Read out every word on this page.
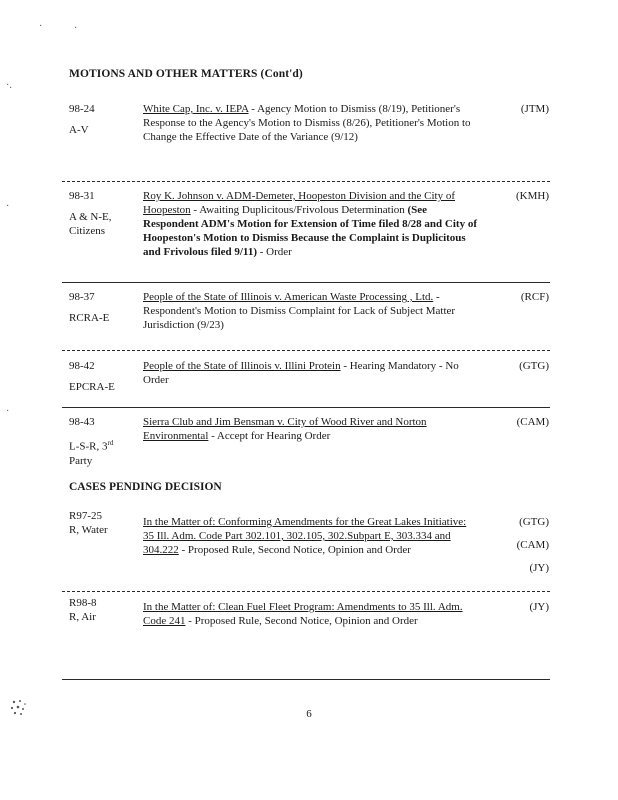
·	·
·.
·
·
MOTIONS AND OTHER MATTERS (Cont'd)
98-24
A-V
White Cap, Inc. v. IEPA - Agency Motion to Dismiss (8/19), Petitioner's Response to the Agency's Motion to Dismiss (8/26), Petitioner's Motion to Change the Effective Date of the Variance (9/12)
(JTM)
98-31
A & N-E, Citizens
Roy K. Johnson v. ADM-Demeter, Hoopeston Division and the City of Hoopeston - Awaiting Duplicitous/Frivolous Determination (See Respondent ADM's Motion for Extension of Time filed 8/28 and City of Hoopeston's Motion to Dismiss Because the Complaint is Duplicitous and Frivolous filed 9/11) - Order
(KMH)
98-37
RCRA-E
People of the State of Illinois v. American Waste Processing , Ltd. - Respondent's Motion to Dismiss Complaint for Lack of Subject Matter Jurisdiction (9/23)
(RCF)
98-42
EPCRA-E
People of the State of Illinois v. Illini Protein - Hearing Mandatory - No Order
(GTG)
98-43
L-S-R, 3rd Party
Sierra Club and Jim Bensman v. City of Wood River and Norton Environmental - Accept for Hearing Order
(CAM)
CASES PENDING DECISION
R97-25
R, Water
In the Matter of: Conforming Amendments for the Great Lakes Initiative: 35 Ill. Adm. Code Part 302.101, 302.105, 302.Subpart E, 303.334 and 304.222 - Proposed Rule, Second Notice, Opinion and Order
(GTG)
(CAM)
(JY)
R98-8
R, Air
In the Matter of: Clean Fuel Fleet Program: Amendments to 35 Ill. Adm. Code 241 - Proposed Rule, Second Notice, Opinion and Order
(JY)
6
